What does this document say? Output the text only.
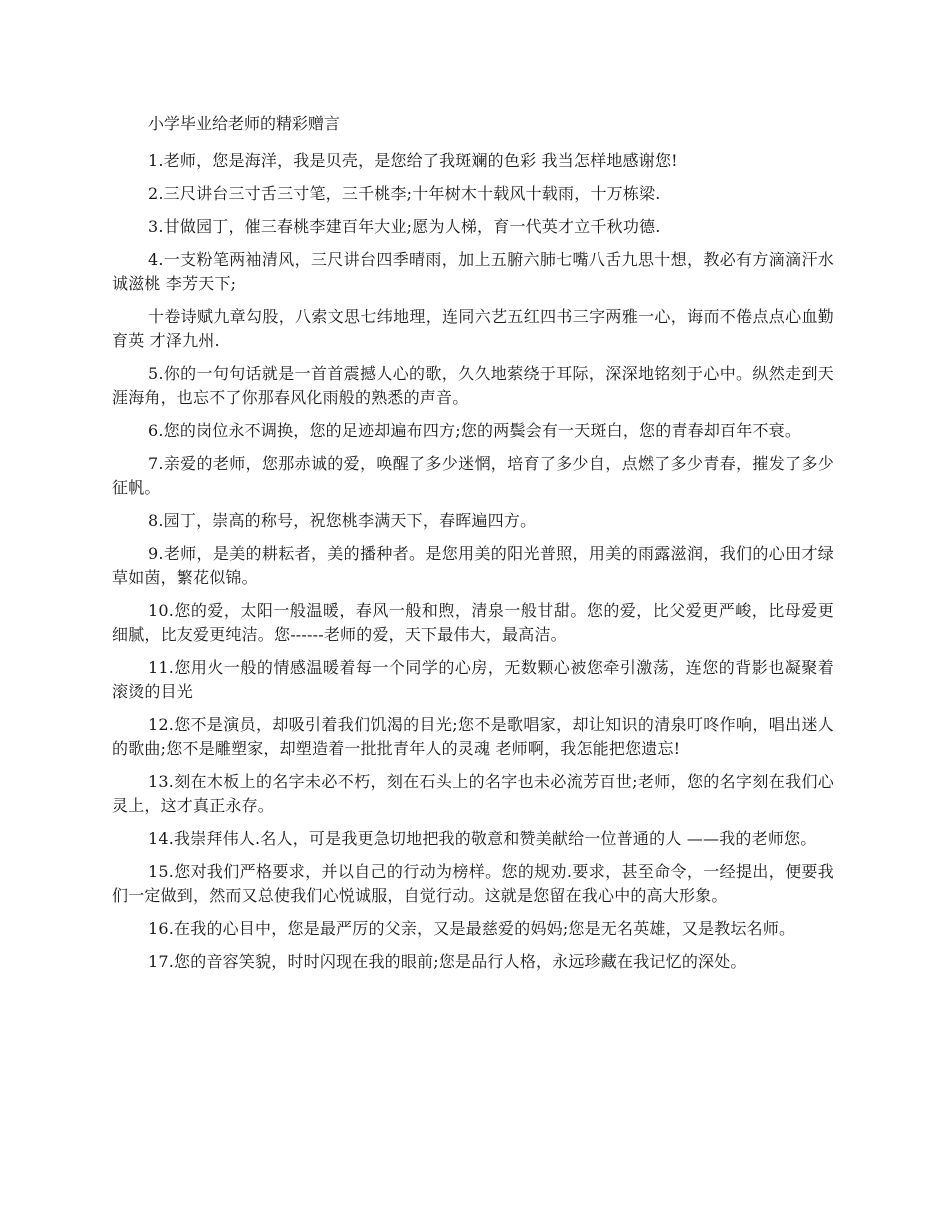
小学毕业给老师的精彩赠言

1.老师，您是海洋，我是贝壳，是您给了我斑斓的色彩 我当怎样地感谢您!

2.三尺讲台三寸舌三寸笔，三千桃李;十年树木十载风十载雨，十万栋梁.

3.甘做园丁，催三春桃李建百年大业;愿为人梯，育一代英才立千秋功德.

4.一支粉笔两袖清风，三尺讲台四季晴雨，加上五腑六肺七嘴八舌九思十想，教必有方滴滴汗水诚滋桃 李芳天下;

十卷诗赋九章勾股，八索文思七纬地理，连同六艺五红四书三字两雅一心，诲而不倦点点心血勤育英 才泽九州.

5.你的一句句话就是一首首震撼人心的歌，久久地萦绕于耳际，深深地铭刻于心中。纵然走到天涯海角，也忘不了你那春风化雨般的熟悉的声音。

6.您的岗位永不调换，您的足迹却遍布四方;您的两鬓会有一天斑白，您的青春却百年不衰。

7.亲爱的老师，您那赤诚的爱，唤醒了多少迷惘，培育了多少自，点燃了多少青春，摧发了多少征帆。

8.园丁，崇高的称号，祝您桃李满天下，春晖遍四方。

9.老师，是美的耕耘者，美的播种者。是您用美的阳光普照，用美的雨露滋润，我们的心田才绿草如茵，繁花似锦。

10.您的爱，太阳一般温暖，春风一般和煦，清泉一般甘甜。您的爱，比父爱更严峻，比母爱更细腻，比友爱更纯洁。您------老师的爱，天下最伟大，最高洁。

11.您用火一般的情感温暖着每一个同学的心房，无数颗心被您牵引激荡，连您的背影也凝聚着滚烫的目光

12.您不是演员，却吸引着我们饥渴的目光;您不是歌唱家，却让知识的清泉叮咚作响，唱出迷人的歌曲;您不是雕塑家，却塑造着一批批青年人的灵魂 老师啊，我怎能把您遗忘!

13.刻在木板上的名字未必不朽，刻在石头上的名字也未必流芳百世;老师，您的名字刻在我们心灵上，这才真正永存。

14.我崇拜伟人.名人，可是我更急切地把我的敬意和赞美献给一位普通的人 ——我的老师您。

15.您对我们严格要求，并以自己的行动为榜样。您的规劝.要求，甚至命令，一经提出，便要我们一定做到，然而又总使我们心悦诚服，自觉行动。这就是您留在我心中的高大形象。

16.在我的心目中，您是最严厉的父亲，又是最慈爱的妈妈;您是无名英雄，又是教坛名师。

17.您的音容笑貌，时时闪现在我的眼前;您是品行人格，永远珍藏在我记忆的深处。
